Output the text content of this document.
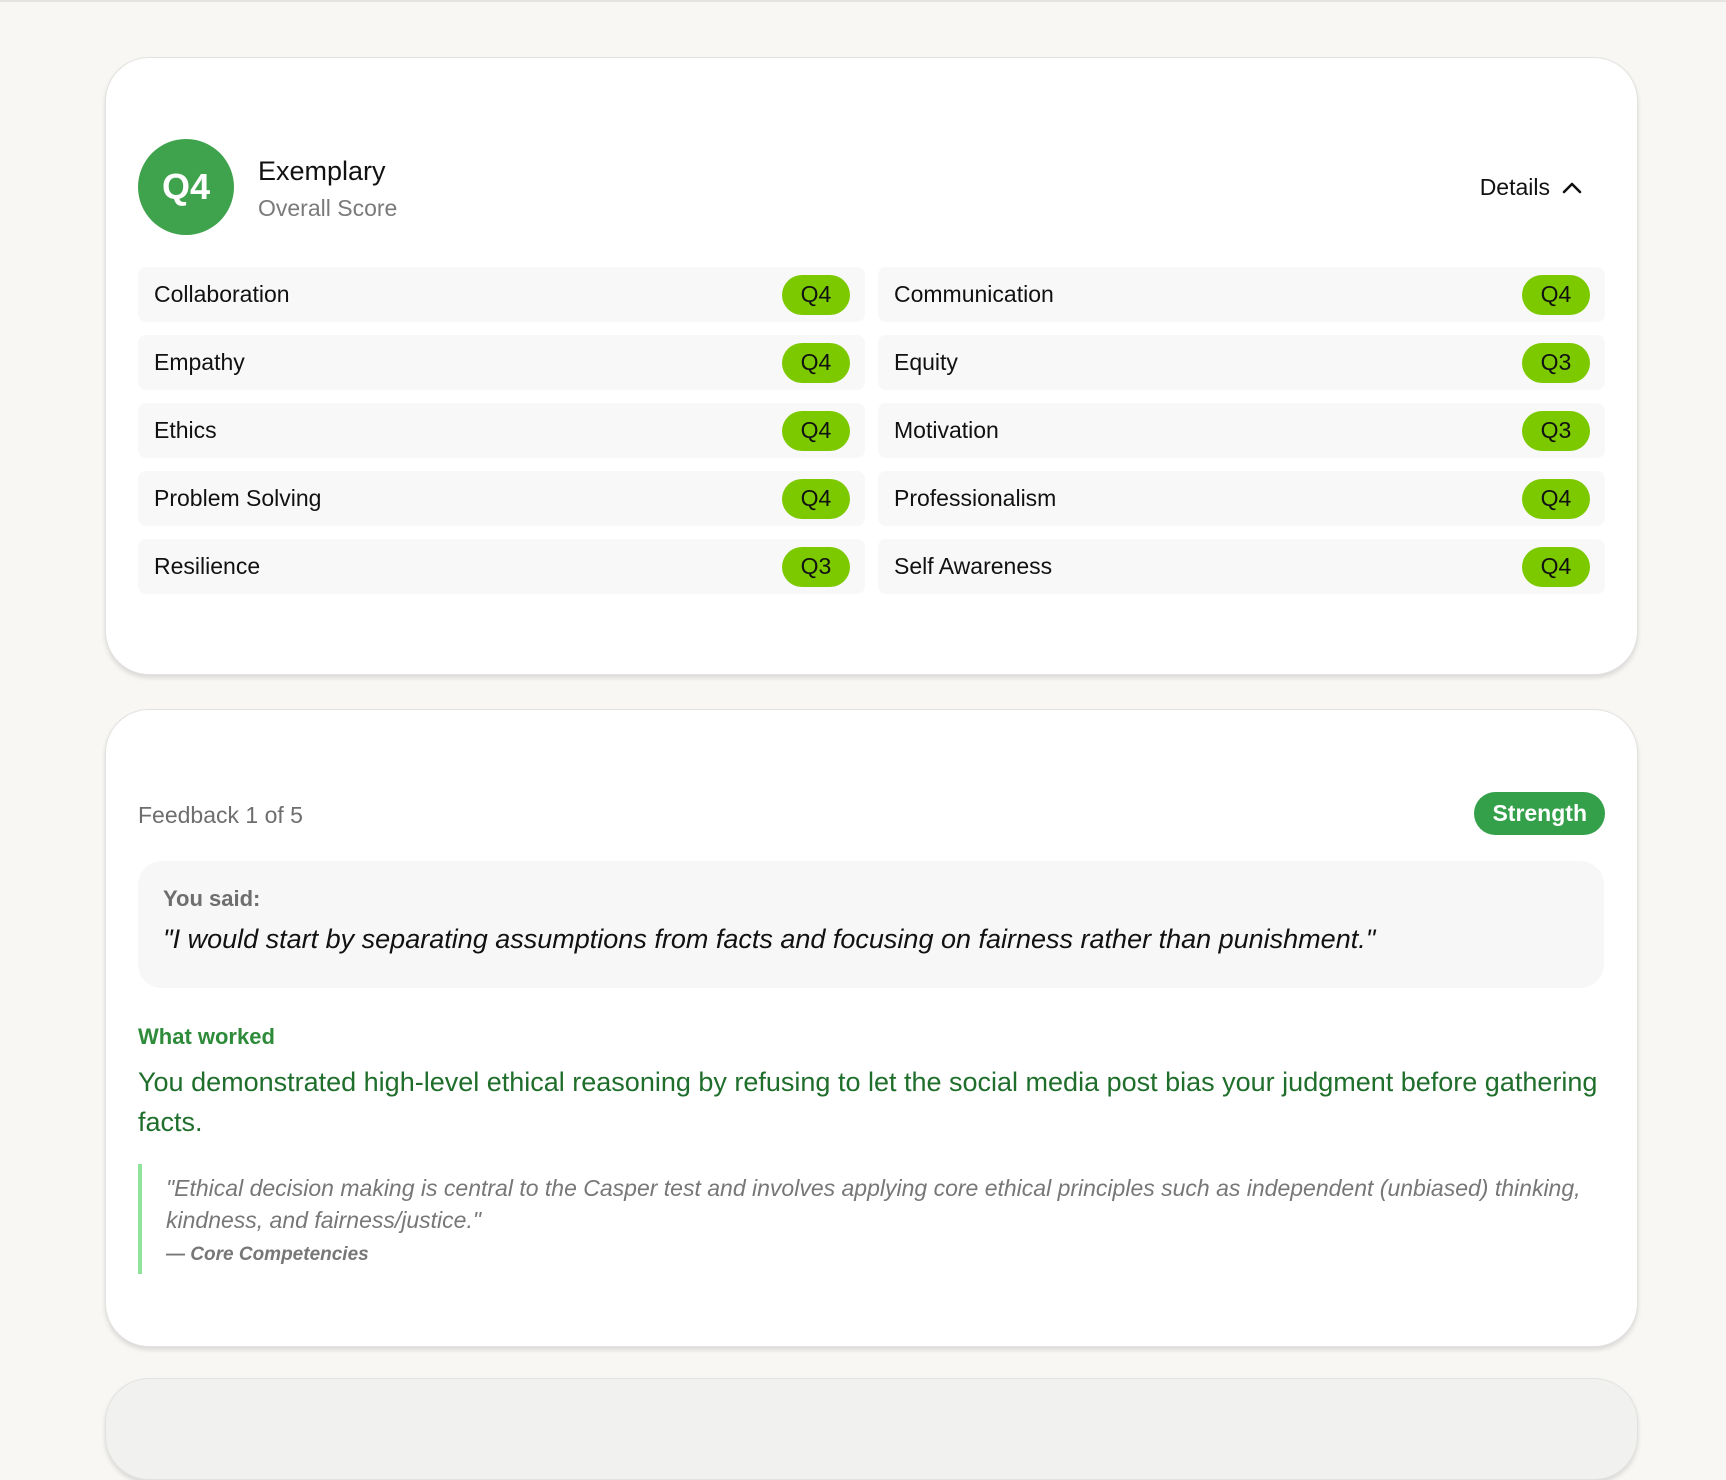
Q4	Exemplary
Overall Score
Details
Collaboration	Q4	Communication	Q4
Empathy	Q4	Equity	Q3
Ethics	Q4	Motivation	Q3
Problem Solving	Q4	Professionalism	Q4
Resilience	Q3	Self Awareness	Q4
Feedback 1 of 5	Strength
You said:
"I would start by separating assumptions from facts and focusing on fairness rather than punishment."
What worked
You demonstrated high-level ethical reasoning by refusing to let the social media post bias your judgment before gathering facts.
"Ethical decision making is central to the Casper test and involves applying core ethical principles such as independent (unbiased) thinking, kindness, and fairness/justice."
— Core Competencies
